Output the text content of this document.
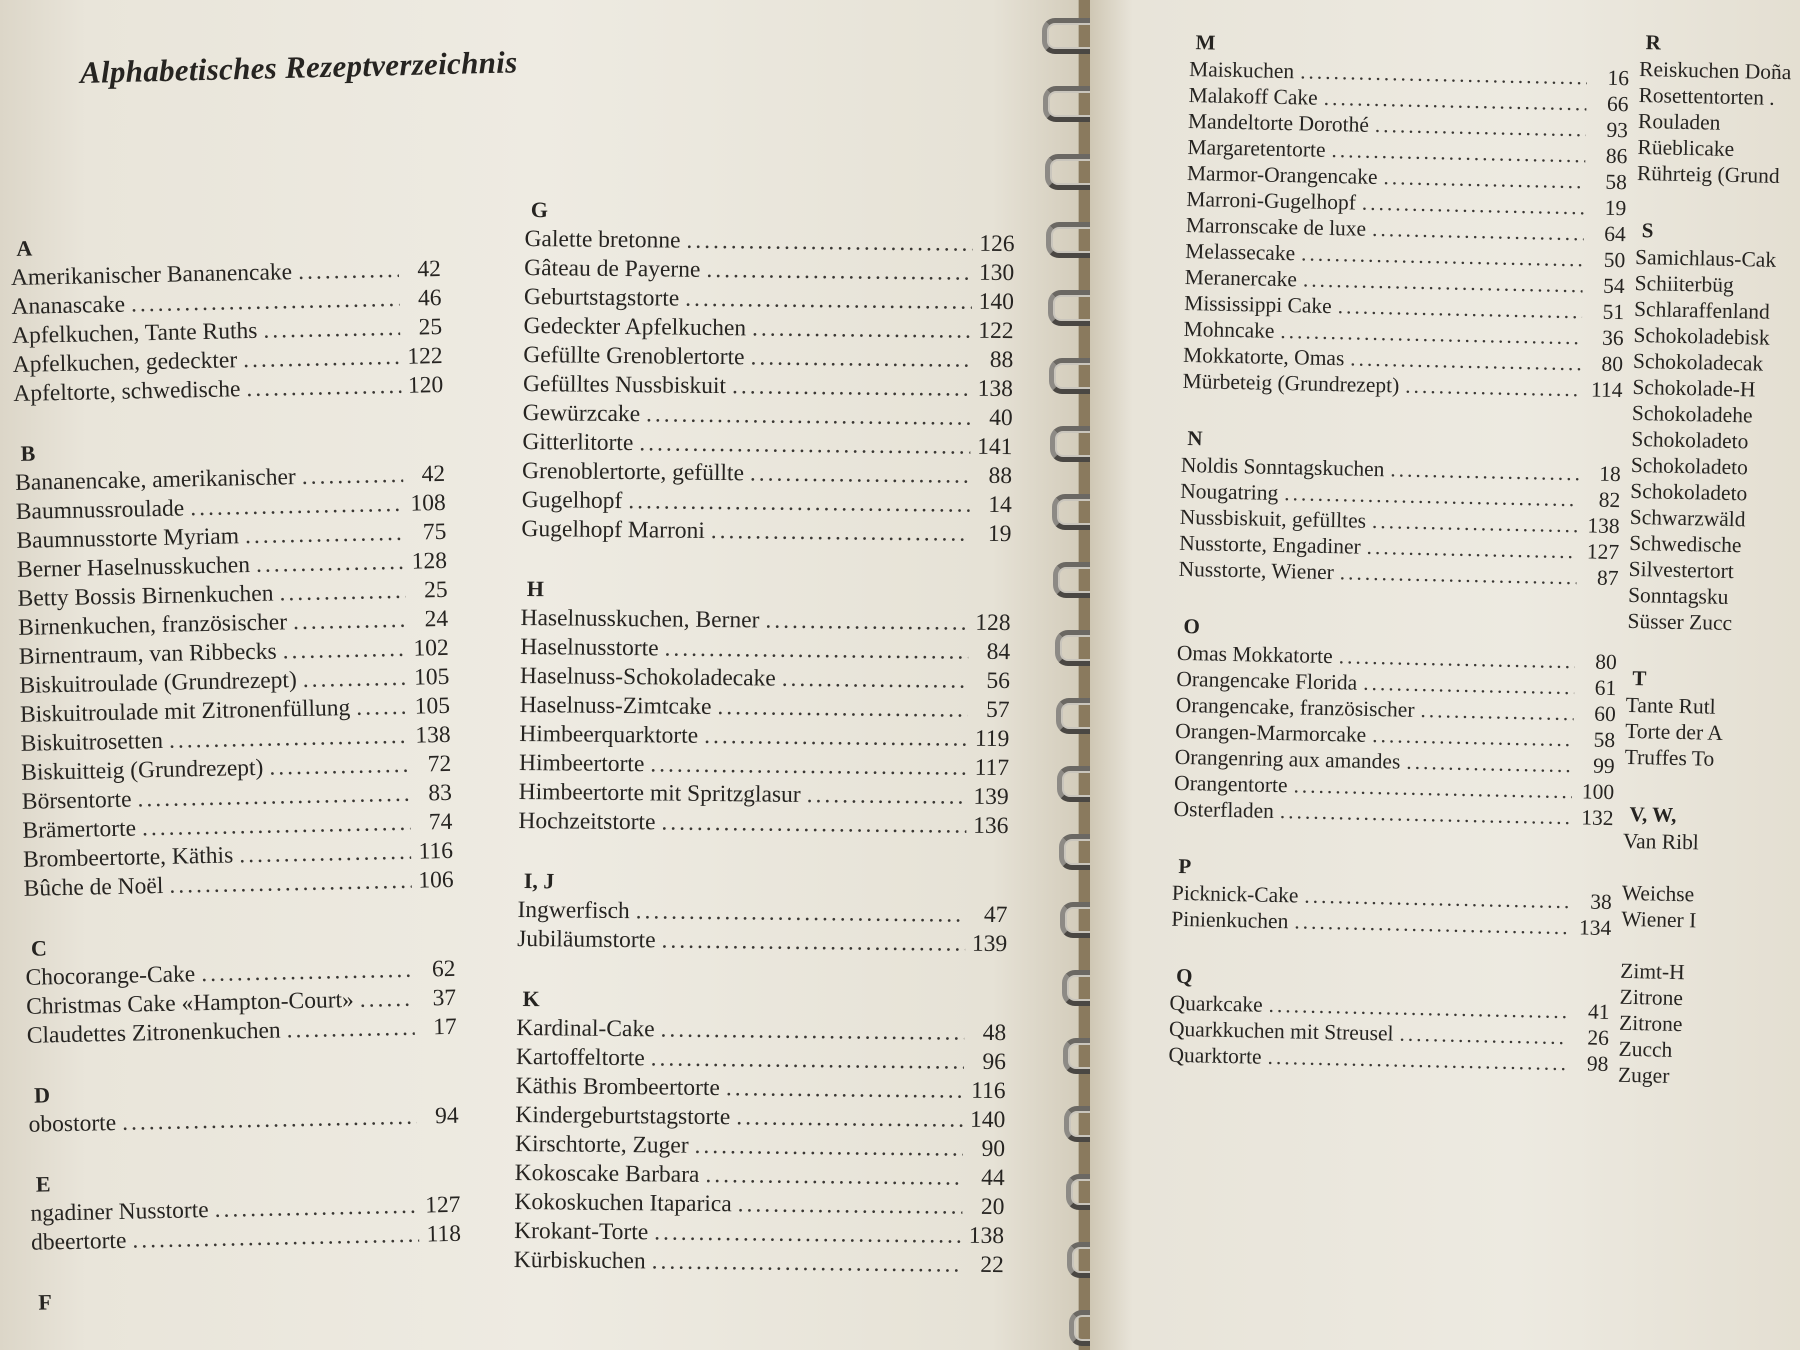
Alphabetisches Rezeptverzeichnis
A
Amerikanischer Bananencake .....	42
Ananascake .....	46
Apfelkuchen, Tante Ruths .....	25
Apfelkuchen, gedeckter .....	122
Apfeltorte, schwedische .....	120
B
Bananencake, amerikanischer .....	42
Baumnussroulade .....	108
Baumnusstorte Myriam .....	75
Berner Haselnusskuchen .....	128
Betty Bossis Birnenkuchen .....	25
Birnenkuchen, französischer .....	24
Birnentraum, van Ribbecks .....	102
Biskuitroulade (Grundrezept) .....	105
Biskuitroulade mit Zitronenfüllung .....	105
Biskuitrosetten .....	138
Biskuitteig (Grundrezept) .....	72
Börsentorte .....	83
Brämertorte .....	74
Brombeertorte, Käthis .....	116
Bûche de Noël .....	106
C
Chocorange-Cake .....	62
Christmas Cake «Hampton-Court» .....	37
Claudettes Zitronenkuchen .....	17
D
obostorte .....	94
E
ngadiner Nusstorte .....	127
dbeertorte .....	118
F
G
Galette bretonne .....	126
Gâteau de Payerne .....	130
Geburtstagstorte .....	140
Gedeckter Apfelkuchen .....	122
Gefüllte Grenoblertorte .....	88
Gefülltes Nussbiskuit .....	138
Gewürzcake .....	40
Gitterlitorte .....	141
Grenoblertorte, gefüllte .....	88
Gugelhopf .....	14
Gugelhopf Marroni .....	19
H
Haselnusskuchen, Berner .....	128
Haselnusstorte .....	84
Haselnuss-Schokoladecake .....	56
Haselnuss-Zimtcake .....	57
Himbeerquarktorte .....	119
Himbeertorte .....	117
Himbeertorte mit Spritzglasur .....	139
Hochzeitstorte .....	136
I, J
Ingwerfisch .....	47
Jubiläumstorte .....	139
K
Kardinal-Cake .....	48
Kartoffeltorte .....	96
Käthis Brombeertorte .....	116
Kindergeburtstagstorte .....	140
Kirschtorte, Zuger .....	90
Kokoscake Barbara .....	44
Kokoskuchen Itaparica .....	20
Krokant-Torte .....	138
Kürbiskuchen .....	22
M
Maiskuchen .....	16
Malakoff Cake .....	66
Mandeltorte Dorothé .....	93
Margaretentorte .....	86
Marmor-Orangencake .....	58
Marroni-Gugelhopf .....	19
Marronscake de luxe .....	64
Melassecake .....	50
Meranercake .....	54
Mississippi Cake .....	51
Mohncake .....	36
Mokkatorte, Omas .....	80
Mürbeteig (Grundrezept) .....	114
N
Noldis Sonntagskuchen .....	18
Nougatring .....	82
Nussbiskuit, gefülltes .....	138
Nusstorte, Engadiner .....	127
Nusstorte, Wiener .....	87
O
Omas Mokkatorte .....	80
Orangencake Florida .....	61
Orangencake, französischer .....	60
Orangen-Marmorcake .....	58
Orangenring aux amandes .....	99
Orangentorte .....	100
Osterfladen .....	132
P
Picknick-Cake .....	38
Pinienkuchen .....	134
Q
Quarkcake .....	41
Quarkkuchen mit Streusel .....	26
Quarktorte .....	98
R
Reiskuchen Doña
Rosettentorten .
Rouladen
Rüeblicake
Rührteig (Grund
S
Samichlaus-Cak
Schiiterbüg
Schlaraffenland
Schokoladebisk
Schokoladecak
Schokolade-H
Schokoladehe
Schokoladeto
Schokoladeto
Schokoladeto
Schwarzwäld
Schwedische
Silvestertort
Sonntagsku
Süsser Zucc
T
Tante Rutl
Torte der A
Truffes To
V, W,
Van Ribl
Weichse
Wiener I
Zimt-H
Zitrone
Zitrone
Zucch
Zuger
